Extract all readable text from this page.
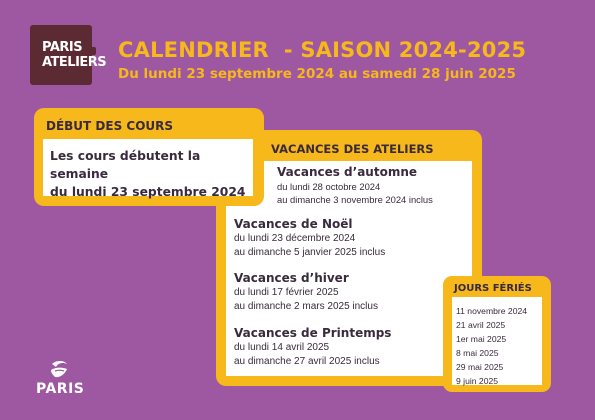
PARIS
ATELIERS
CALENDRIER  - SAISON 2024-2025
Du lundi 23 septembre 2024 au samedi 28 juin 2025
DÉBUT DES COURS
Les cours débutent la semaine
du lundi 23 septembre 2024
VACANCES DES ATELIERS
Vacances d’automne
du lundi 28 octobre 2024
au dimanche 3 novembre 2024 inclus
Vacances de Noël
du lundi 23 décembre 2024
au dimanche 5 janvier 2025 inclus
Vacances d’hiver
du lundi 17 février 2025
au dimanche 2 mars 2025 inclus
Vacances de Printemps
du lundi 14 avril 2025
au dimanche 27 avril 2025 inclus
JOURS FÉRIÉS
11 novembre 2024
21 avril 2025
1er mai 2025
8 mai 2025
29 mai 2025
9 juin 2025
PARIS
